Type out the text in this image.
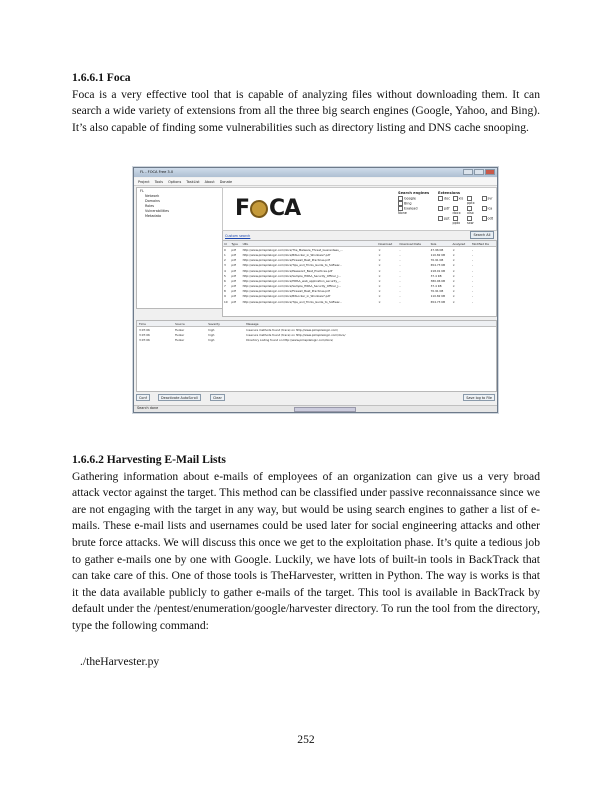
1.6.6.1 Foca
Foca is a very effective tool that is capable of analyzing files without downloading them. It can search a wide variety of extensions from all the three big search engines (Google, Yahoo, and Bing). It’s also capable of finding some vulnerabilities such as directory listing and DNS cache snooping.
FL - FOCA Free 3.0
Project Tools Options TaskList About Donate
FL
Network
Domains
Roles
Vulnerabilities
Metadata	F CA
Search engines
Google
Bing
Exalead
None
Extensions
doc	xls
pptx
svr
pdf
docx	xlsx
ica
ppt
pptx	sxw
odt
Custom search	Search All
Id	Type	URL	Download	Download Date	Size	Analyzed	Modified Da
0	pdf	http://www.pimspilelogic.com/docs/The_Malware_Threat_Guarantees_...	×	-	47.96 KB	×	-
1	pdf	http://www.pimspilelogic.com/docs/BitLocker_in_Windows7.pdf	×	-	110.82 KB	×	-
2	pdf	http://www.pimspilelogic.com/docs/Firewall_Best_Practices.pdf	×	-	70.91 KB	×	-
3	pdf	http://www.pimspilelogic.com/docs/Tips_and_Tricks_Guide_to_Softwar...	×	-	654.73 KB	×	-
4	pdf	http://www.pimspilelogic.com/docs/Password_Best_Practices.pdf	×	-	218.01 KB	×	-
5	pdf	http://www.pimspilelogic.com/docs/Sample_HIPAA_Security_Officer_J...	×	-	37.4 KB	×	-
6	pdf	http://www.pimspilelogic.com/docs/HIPAA_web_application_security_...	×	-	380.06 KB	×	-
7	pdf	http://www.pimspilelogic.com/docs/Sample_HIPAA_Security_Officer_J...	×	-	37.4 KB	×	-
8	pdf	http://www.pimspilelogic.com/docs/Firewall_Best_Practices.pdf	×	-	70.91 KB	×	-
9	pdf	http://www.pimspilelogic.com/docs/BitLocker_in_Windows7.pdf	×	-	110.82 KB	×	-
10	pdf	http://www.pimspilelogic.com/docs/Tips_and_Tricks_Guide_to_Softwar...	×	-	654.73 KB	×	-
Time	Source	Severity	Message
3:07:06	Fuzzer	high	Insecure methods found (trace) on http://www.pimspilelogic.com/
3:07:06	Fuzzer	high	Insecure methods found (trace) on http://www.pimspilelogic.com/docs/
3:07:06	Fuzzer	high	Directory Listing found on http://www.pimspilelogic.com/docs/
Conf	Deactivate AutoScroll	Clear	Save log to File
Search done
1.6.6.2 Harvesting E-Mail Lists
Gathering information about e-mails of employees of an organization can give us a very broad attack vector against the target. This method can be classified under passive reconnaissance since we are not engaging with the target in any way, but would be using search engines to gather a list of e-mails. These e-mail lists and usernames could be used later for social engineering attacks and other brute force attacks. We will discuss this once we get to the exploitation phase. It’s quite a tedious job to gather e-mails one by one with Google. Luckily, we have lots of built-in tools in BackTrack that can take care of this. One of those tools is TheHarvester, written in Python. The way is works is that it the data available publicly to gather e-mails of the target. This tool is available in BackTrack by default under the /pentest/enumeration/google/harvester directory. To run the tool from the directory, type the following command:
./theHarvester.py
252
